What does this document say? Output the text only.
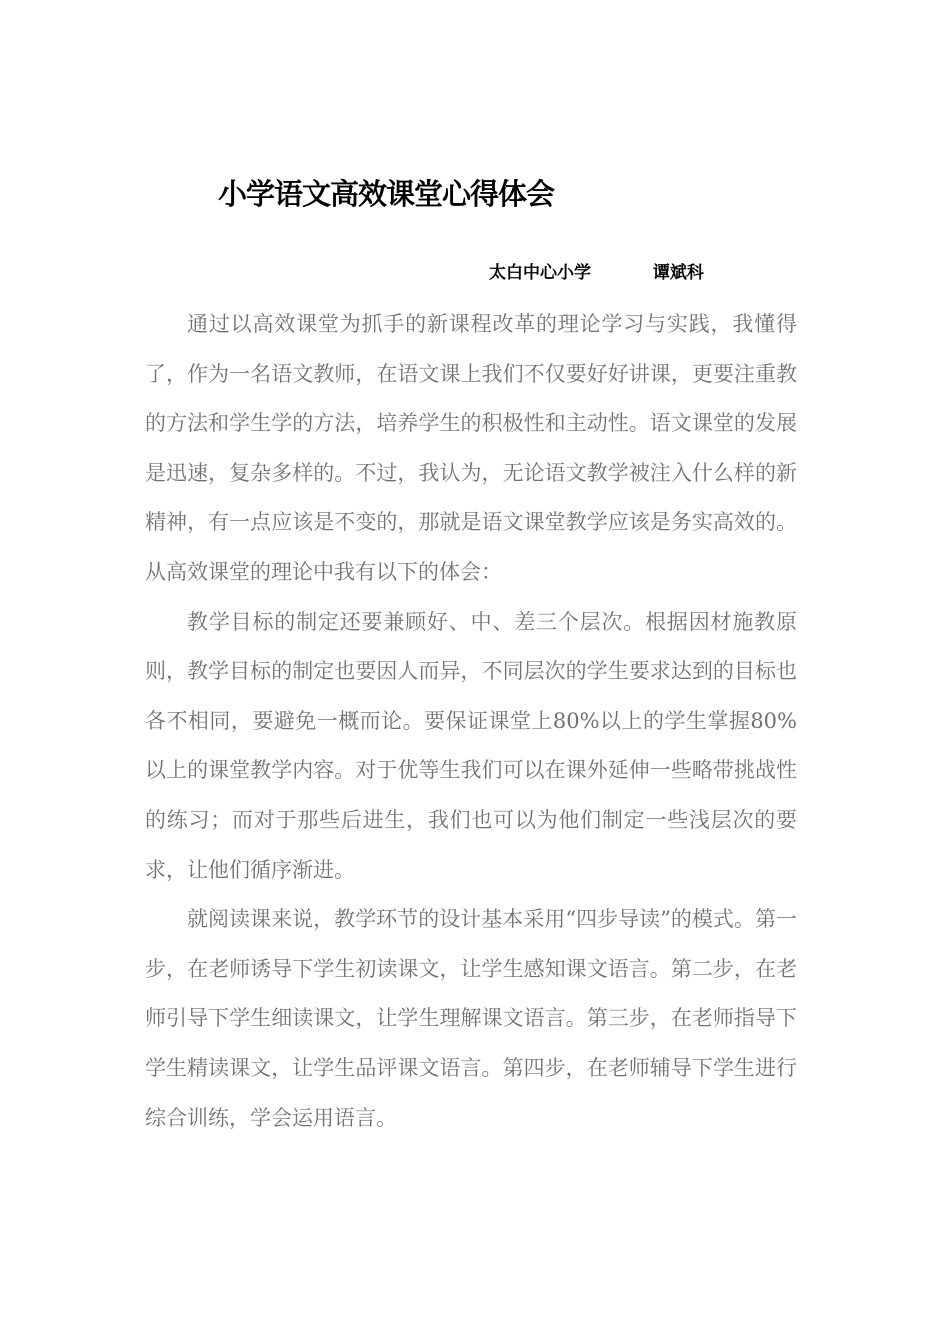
小学语文高效课堂心得体会
太白中心小学	谭斌科

通过以高效课堂为抓手的新课程改革的理论学习与实践，我懂得了，作为一名语文教师，在语文课上我们不仅要好好讲课，更要注重教的方法和学生学的方法，培养学生的积极性和主动性。语文课堂的发展是迅速，复杂多样的。不过，我认为，无论语文教学被注入什么样的新精神，有一点应该是不变的，那就是语文课堂教学应该是务实高效的。从高效课堂的理论中我有以下的体会：

教学目标的制定还要兼顾好、中、差三个层次。根据因材施教原则，教学目标的制定也要因人而异，不同层次的学生要求达到的目标也各不相同，要避免一概而论。要保证课堂上80%以上的学生掌握80%以上的课堂教学内容。对于优等生我们可以在课外延伸一些略带挑战性的练习；而对于那些后进生，我们也可以为他们制定一些浅层次的要求，让他们循序渐进。

就阅读课来说，教学环节的设计基本采用“四步导读”的模式。第一步，在老师诱导下学生初读课文，让学生感知课文语言。第二步，在老师引导下学生细读课文，让学生理解课文语言。第三步，在老师指导下学生精读课文，让学生品评课文语言。第四步，在老师辅导下学生进行综合训练，学会运用语言。
